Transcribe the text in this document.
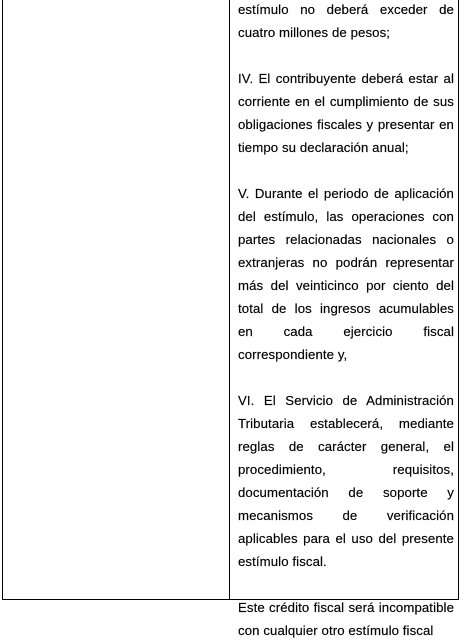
estímulo no deberá exceder de cuatro millones de pesos;

IV. El contribuyente deberá estar al corriente en el cumplimiento de sus obligaciones fiscales y presentar en tiempo su declaración anual;

V. Durante el periodo de aplicación del estímulo, las operaciones con partes relacionadas nacionales o extranjeras no podrán representar más del veinticinco por ciento del total de los ingresos acumulables en cada ejercicio fiscal correspondiente y,

VI. El Servicio de Administración Tributaria establecerá, mediante reglas de carácter general, el procedimiento, requisitos, documentación de soporte y mecanismos de verificación aplicables para el uso del presente estímulo fiscal.

Este crédito fiscal será incompatible con cualquier otro estímulo fiscal
